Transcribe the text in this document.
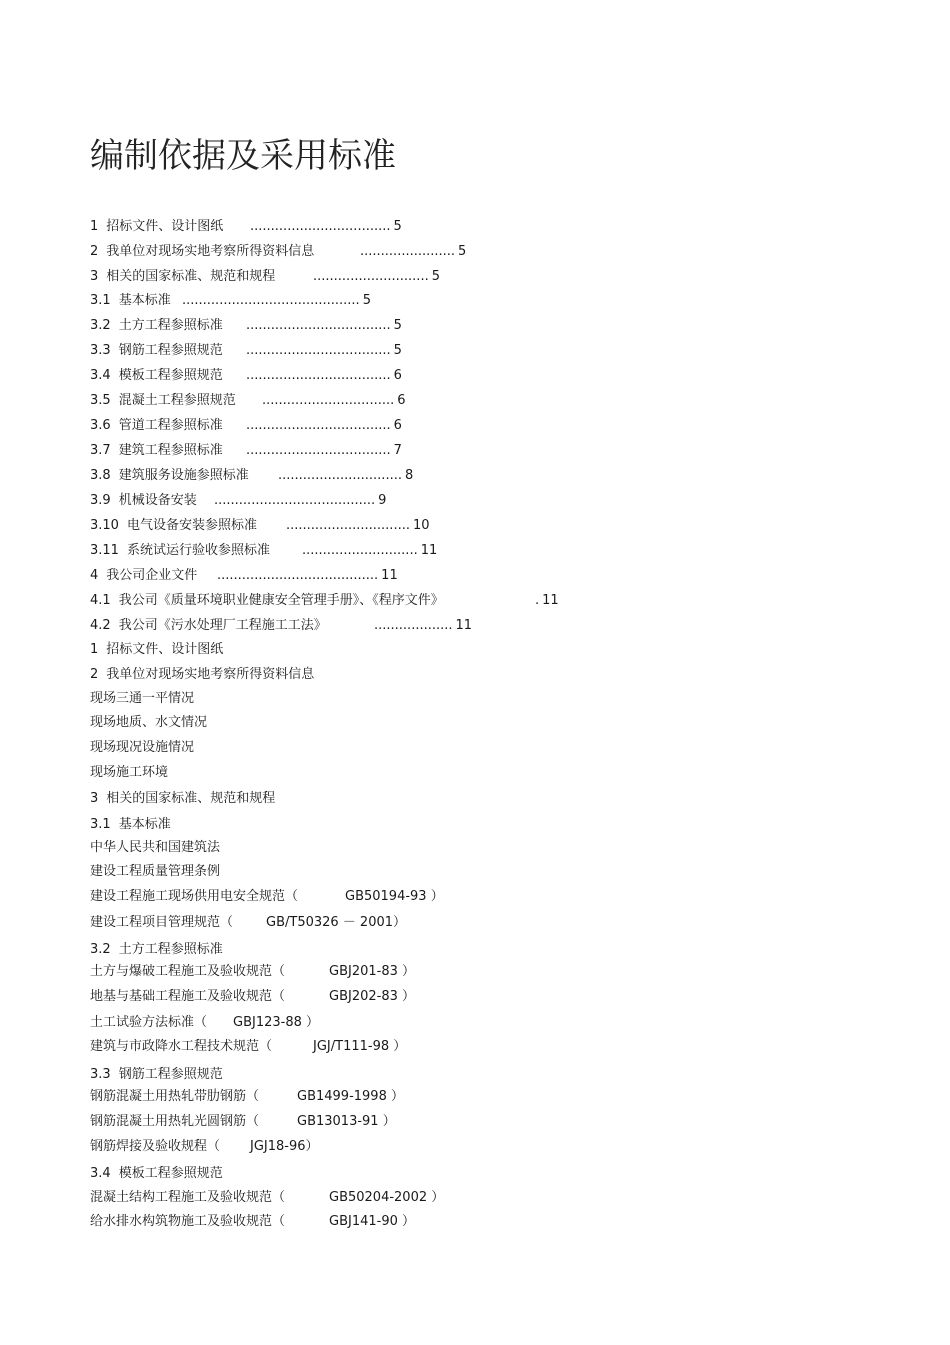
编制依据及采用标准
1 招标文件、设计图纸 .................................. 5
2 我单位对现场实地考察所得资料信息	....................... 5
3 相关的国家标准、规范和规程	............................ 5
3.1 基本标准 ........................................... 5
3.2 土方工程参照标准 ................................... 5
3.3 钢筋工程参照规范 ................................... 5
3.4 模板工程参照规范 ................................... 6
3.5 混凝土工程参照规范 ................................ 6
3.6 管道工程参照标准 ................................... 6
3.7 建筑工程参照标准 ................................... 7
3.8 建筑服务设施参照标准 .............................. 8
3.9 机械设备安装 ....................................... 9
3.10 电气设备安装参照标准 .............................. 10
3.11 系统试运行验收参照标准 ............................ 11
4 我公司企业文件 ....................................... 11
4.1 我公司《质量环境职业健康安全管理手册》、《程序文件》	. 11
4.2 我公司《污水处理厂工程施工工法》	................... 11
1 招标文件、设计图纸
2 我单位对现场实地考察所得资料信息
现场三通一平情况
现场地质、水文情况
现场现况设施情况
现场施工环境
3 相关的国家标准、规范和规程
3.1 基本标准
中华人民共和国建筑法
建设工程质量管理条例
建设工程施工现场供用电安全规范（	GB50194-93 ）
建设工程项目管理规范（	GB/T50326 － 2001）
3.2 土方工程参照标准
土方与爆破工程施工及验收规范（	GBJ201-83 ）
地基与基础工程施工及验收规范（	GBJ202-83 ）
土工试验方法标准（ GBJ123-88 ）
建筑与市政降水工程技术规范（	JGJ/T111-98 ）
3.3 钢筋工程参照规范
钢筋混凝土用热轧带肋钢筋（	GB1499-1998 ）
钢筋混凝土用热轧光圆钢筋（	GB13013-91 ）
钢筋焊接及验收规程（ JGJ18-96）
3.4 模板工程参照规范
混凝土结构工程施工及验收规范（	GB50204-2002 ）
给水排水构筑物施工及验收规范（	GBJ141-90 ）
